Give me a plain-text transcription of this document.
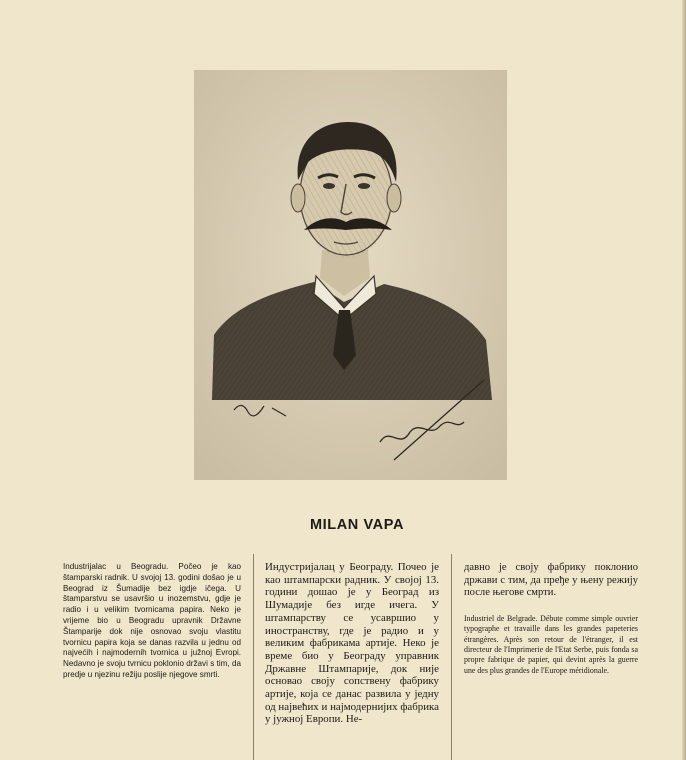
MILAN VAPA
Industrijalac u Beogradu. Počeo je kao štamparski radnik. U svojoj 13. godini došao je u Beograd iz Šumadije bez igdje ičega. U štamparstvu se usavršio u inozemstvu, gdje je radio i u velikim tvornicama papira. Neko je vrijeme bio u Beogradu upravnik Državne Štamparije dok nije osnovao svoju vlastitu tvornicu papira koja se danas razvila u jednu od najvećih i najmodernih tvornica u južnoj Evropi. Nedavno je svoju tvrnicu poklonio državi s tim, da predje u njezinu režiju poslije njegove smrti.
Индустријалац у Београду. Почео је као штампарски радник. У својој 13. години дошао је у Београд из Шумадије без игде ичега. У штампарству се усавршио у иностранству, где је радио и у великим фабрикама артије. Неко је време био у Београду управник Државне Штампарије, док није основао своју сопствену фабрику артије, која се данас развила у једну од највећих и најмодернијих фабрика у јужној Европи. Не-
давно је своју фабрику поклонио држави с тим, да пређе у њену режију после његове смрти.
Industriel de Belgrade. Débute comme simple ouvrier typographe et travaille dans les grandes papeteries étrangères. Après son retour de l'étranger, il est directeur de l'Imprimerie de l'Etat Serbe, puis fonda sa propre fabrique de papier, qui devint après la guerre une des plus grandes de l'Europe méridionale.
